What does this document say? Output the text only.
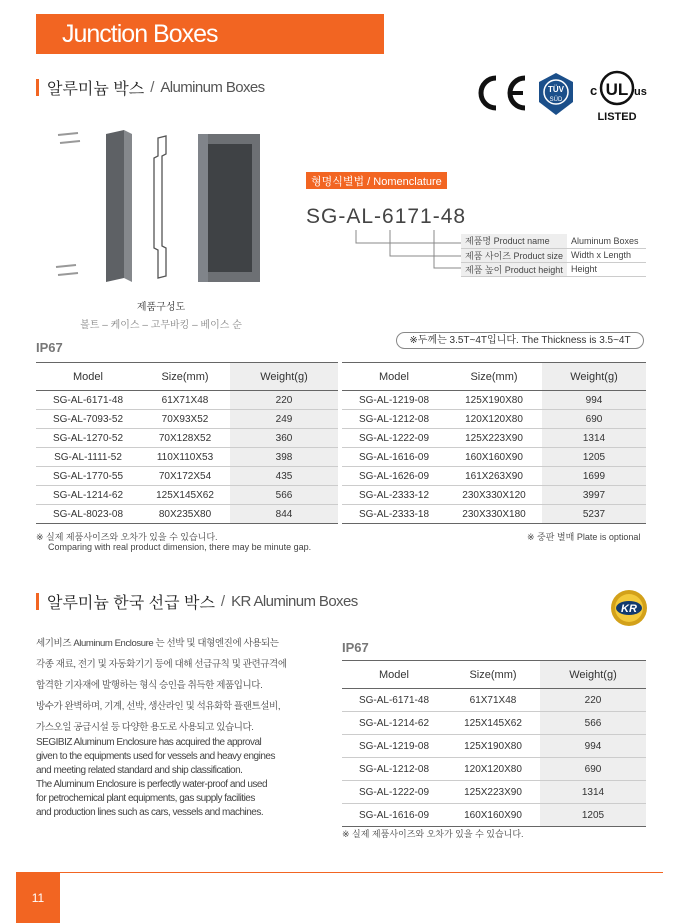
Junction Boxes
알루미늄 박스 / Aluminum Boxes	TÜV
SÜD
UL
c	us
LISTED
형명식별법 / Nomenclature
SG-AL-6171-48
제품명 Product name	Aluminum Boxes
제품 사이즈 Product size	Width x Length
제품 높이 Product height	Height
제품구성도
볼트 – 케이스 – 고무바킹 – 베이스 순
IP67	※두께는 3.5T~4T입니다. The Thickness is 3.5~4T
Model	Size(mm)	Weight(g)		Model	Size(mm)	Weight(g)
SG-AL-6171-48	61X71X48	220		SG-AL-1219-08	125X190X80	994
SG-AL-7093-52	70X93X52	249		SG-AL-1212-08	120X120X80	690
SG-AL-1270-52	70X128X52	360		SG-AL-1222-09	125X223X90	1314
SG-AL-1111-52	110X110X53	398		SG-AL-1616-09	160X160X90	1205
SG-AL-1770-55	70X172X54	435		SG-AL-1626-09	161X263X90	1699
SG-AL-1214-62	125X145X62	566		SG-AL-2333-12	230X330X120	3997
SG-AL-8023-08	80X235X80	844		SG-AL-2333-18	230X330X180	5237
※ 실제 제품사이즈와 오차가 있을 수 있습니다.
Comparing with real product dimension, there may be minute gap.
※ 중판 별매 Plate is optional
알루미늄 한국 선급 박스 / KR Aluminum Boxes	KR
세기비즈 Aluminum Enclosure 는 선박 및 대형엔진에 사용되는
각종 재료, 전기 및 자동화기기 등에 대해 선급규칙 및 관련규격에
합격한 기자재에 발행하는 형식 승인을 취득한 제품입니다.
방수가 완벽하며, 기계, 선박, 생산라인 및 석유화학 플랜트설비,
가스오일 공급시설 등 다양한 용도로 사용되고 있습니다.
SEGIBIZ Aluminum Enclosure has acquired the approval
given to the equipments used for vessels and heavy engines
and meeting related standard and ship classification.
The Aluminum Enclosure is perfectly water-proof and used
for petrochemical plant equipments, gas supply facilities
and production lines such as cars, vessels and machines.
IP67
Model	Size(mm)	Weight(g)
SG-AL-6171-48	61X71X48	220
SG-AL-1214-62	125X145X62	566
SG-AL-1219-08	125X190X80	994
SG-AL-1212-08	120X120X80	690
SG-AL-1222-09	125X223X90	1314
SG-AL-1616-09	160X160X90	1205
※ 실제 제품사이즈와 오차가 있을 수 있습니다.
11
